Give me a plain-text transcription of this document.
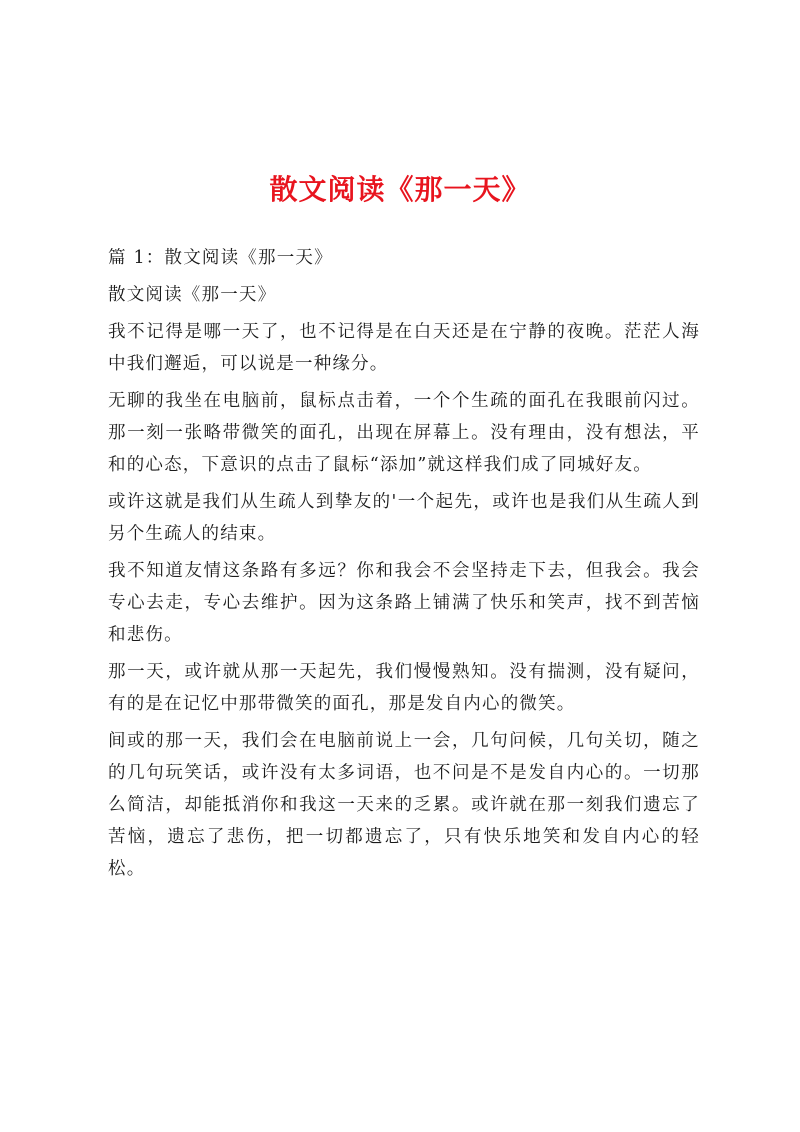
散文阅读《那一天》

篇 1：散文阅读《那一天》

散文阅读《那一天》

我不记得是哪一天了，也不记得是在白天还是在宁静的夜晚。茫茫人海中我们邂逅，可以说是一种缘分。

无聊的我坐在电脑前，鼠标点击着，一个个生疏的面孔在我眼前闪过。那一刻一张略带微笑的面孔，出现在屏幕上。没有理由，没有想法，平和的心态，下意识的点击了鼠标“添加”就这样我们成了同城好友。

或许这就是我们从生疏人到挚友的'一个起先，或许也是我们从生疏人到另个生疏人的结束。

我不知道友情这条路有多远？你和我会不会坚持走下去，但我会。我会专心去走，专心去维护。因为这条路上铺满了快乐和笑声，找不到苦恼和悲伤。

那一天，或许就从那一天起先，我们慢慢熟知。没有揣测，没有疑问，有的是在记忆中那带微笑的面孔，那是发自内心的微笑。

间或的那一天，我们会在电脑前说上一会，几句问候，几句关切，随之的几句玩笑话，或许没有太多词语，也不问是不是发自内心的。一切那么简洁，却能抵消你和我这一天来的乏累。或许就在那一刻我们遗忘了苦恼，遗忘了悲伤，把一切都遗忘了，只有快乐地笑和发自内心的轻松。
